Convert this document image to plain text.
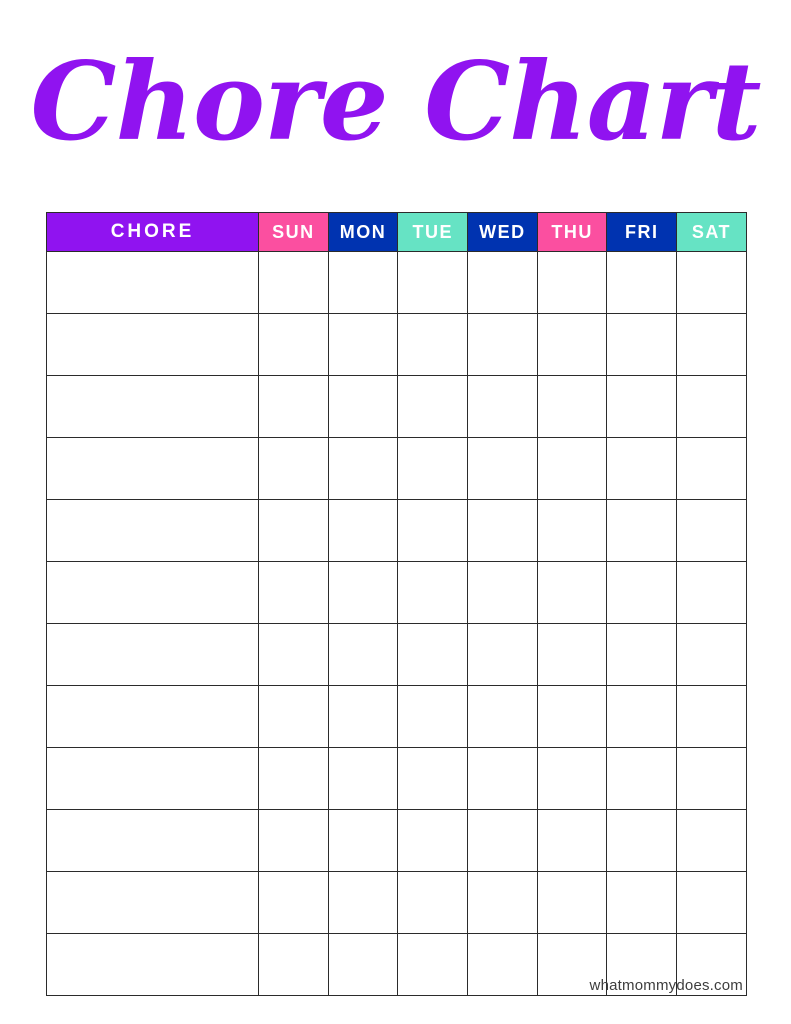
Chore Chart
CHORE	SUN	MON	TUE	WED	THU	FRI	SAT

whatmommydoes.com
